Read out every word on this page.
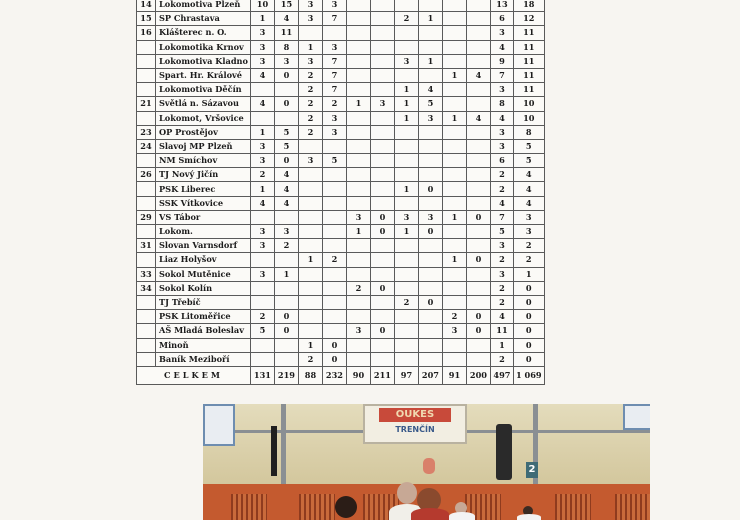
14	Lokomotiva Plzeň	10	15	3	3							13	18
15	SP Chrastava	1	4	3	7			2	1			6	12
16	Klášterec n. O.	3	11									3	11
	Lokomotika Krnov	3	8	1	3							4	11
	Lokomotiva Kladno	3	3	3	7			3	1			9	11
	Spart. Hr. Králové	4	0	2	7					1	4	7	11
	Lokomotiva Děčín			2	7			1	4			3	11
21	Světlá n. Sázavou	4	0	2	2	1	3	1	5			8	10
	Lokomot, Vršovice			2	3			1	3	1	4	4	10
23	OP Prostějov	1	5	2	3							3	8
24	Slavoj MP Plzeň	3	5									3	5
	NM Smíchov	3	0	3	5							6	5
26	TJ Nový Jičín	2	4									2	4
	PSK Liberec	1	4					1	0			2	4
	SSK Vítkovice	4	4									4	4
29	VS Tábor					3	0	3	3	1	0	7	3
	Lokom.	3	3			1	0	1	0			5	3
31	Slovan Varnsdorf	3	2									3	2
	Liaz Holyšov			1	2					1	0	2	2
33	Sokol Mutěnice	3	1									3	1
34	Sokol Kolín					2	0					2	0
	TJ Třebíč							2	0			2	0
	PSK Litoměřice	2	0							2	0	4	0
	AŠ Mladá Boleslav	5	0			3	0			3	0	11	0
	Minoň			1	0							1	0
	Baník Meziboří			2	0							2	0
CELKEM		131	219	88	232	90	211	97	207	91	200	497	1 069
OUKES
TRENČÍN
2
